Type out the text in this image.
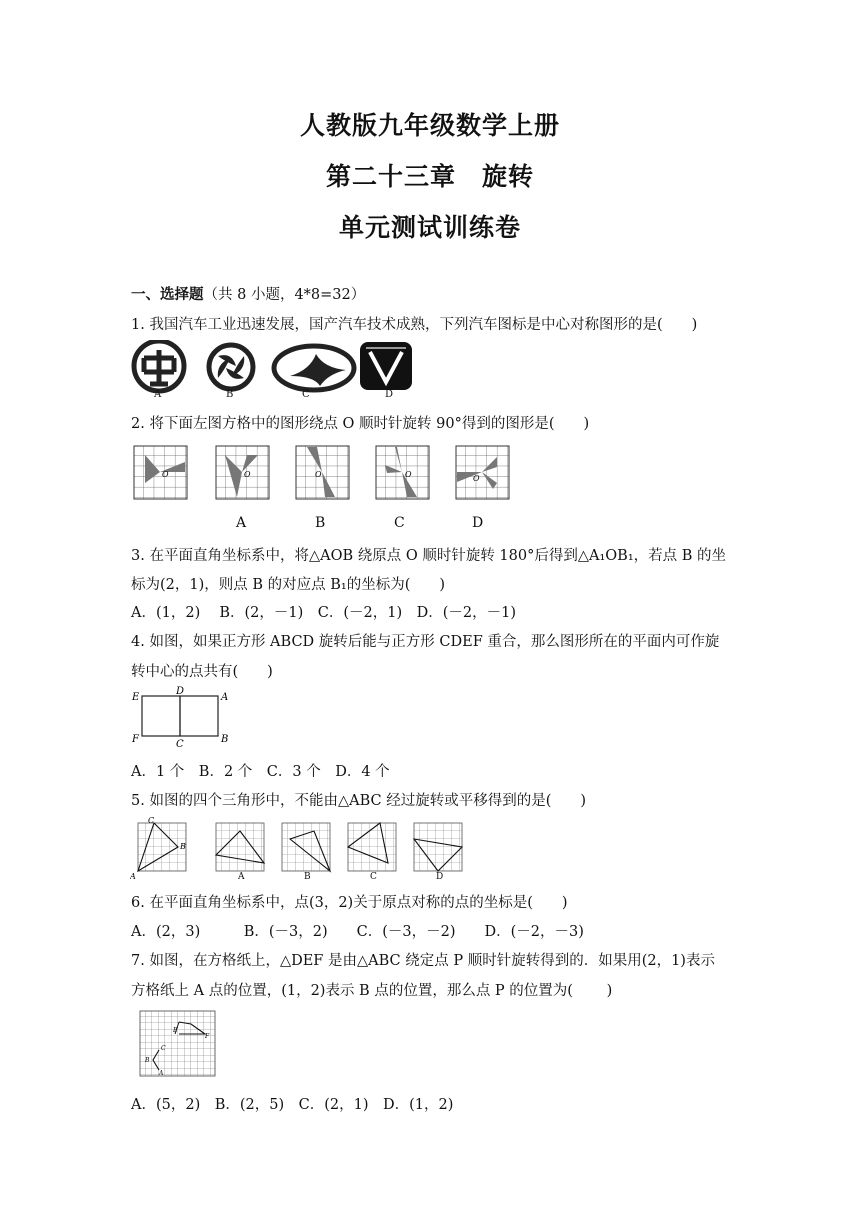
人教版九年级数学上册
第二十三章　旋转
单元测试训练卷
一、选择题（共 8 小题，4*8=32）
1. 我国汽车工业迅速发展，国产汽车技术成熟，下列汽车图标是中心对称图形的是(　　)
A	B	C	D
2. 将下面左图方格中的图形绕点 O 顺时针旋转 90°得到的图形是(　　)
O	O	O	O	O
A	B	C	D
3. 在平面直角坐标系中，将△AOB 绕原点 O 顺时针旋转 180°后得到△A₁OB₁，若点 B 的坐
标为(2，1)，则点 B 的对应点 B₁的坐标为(　　)
A．(1，2)　 B．(2，－1)　C．(－2，1)　D．(－2，－1)
4. 如图，如果正方形 ABCD 旋转后能与正方形 CDEF 重合，那么图形所在的平面内可作旋
转中心的点共有(　　)
E
D
A
F	C	B
A．1 个　B．2 个　C．3 个　D．4 个
5. 如图的四个三角形中，不能由△ABC 经过旋转或平移得到的是(　　)
C
B
A	A	B	C	D
6. 在平面直角坐标系中，点(3，2)关于原点对称的点的坐标是(　　)
A．(2，3)　　　B．(－3，2)　　C．(－3，－2)　　D．(－2，－3)
7. 如图，在方格纸上，△DEF 是由△ABC 绕定点 P 顺时针旋转得到的．如果用(2，1)表示
方格纸上 A 点的位置，(1，2)表示 B 点的位置，那么点 P 的位置为(　　 )
C
B
A
E
F
A．(5，2)　B．(2，5)　C．(2，1)　D．(1，2)
